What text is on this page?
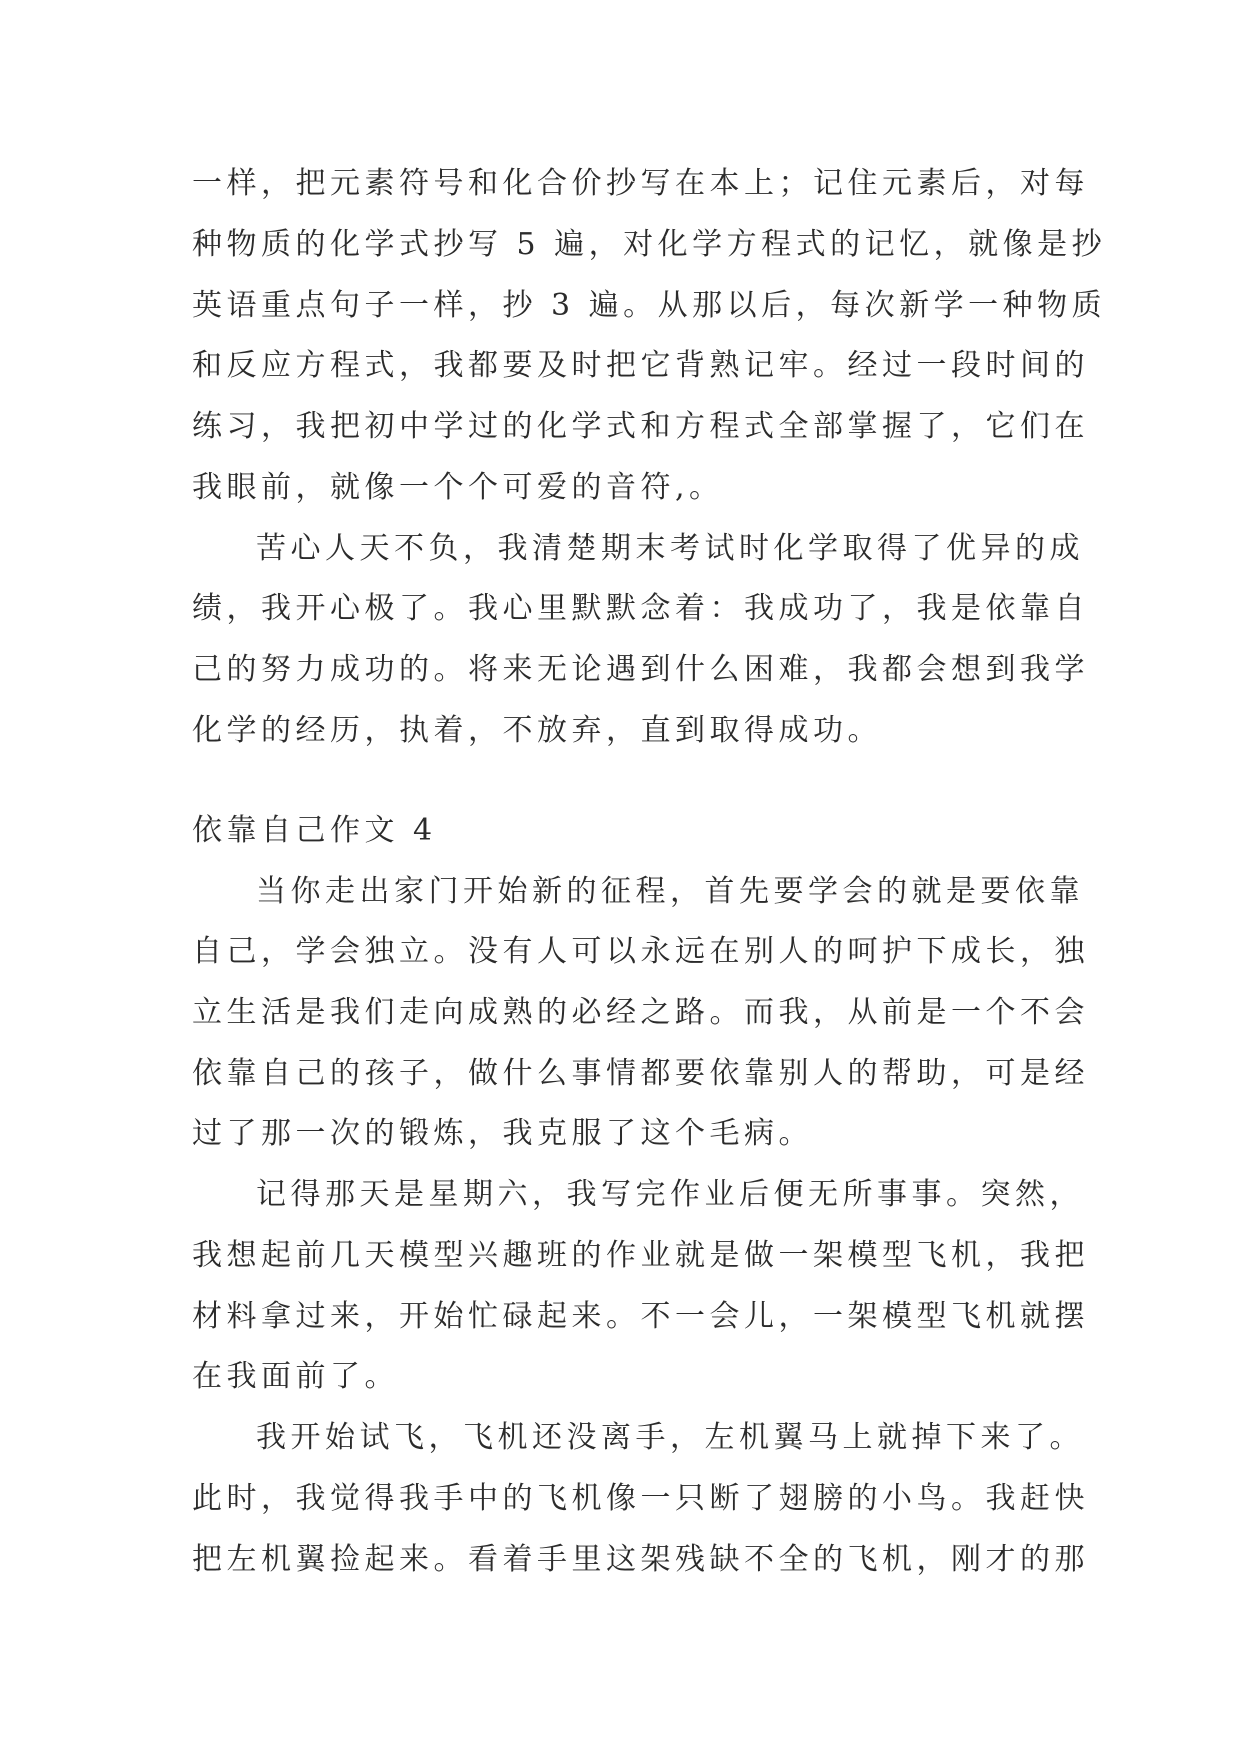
一样，把元素符号和化合价抄写在本上；记住元素后，对每
种物质的化学式抄写 5 遍，对化学方程式的记忆，就像是抄
英语重点句子一样，抄 3 遍。从那以后，每次新学一种物质
和反应方程式，我都要及时把它背熟记牢。经过一段时间的
练习，我把初中学过的化学式和方程式全部掌握了，它们在
我眼前，就像一个个可爱的音符,。
苦心人天不负，我清楚期末考试时化学取得了优异的成
绩，我开心极了。我心里默默念着：我成功了，我是依靠自
己的努力成功的。将来无论遇到什么困难，我都会想到我学
化学的经历，执着，不放弃，直到取得成功。
依靠自己作文 4
当你走出家门开始新的征程，首先要学会的就是要依靠
自己，学会独立。没有人可以永远在别人的呵护下成长，独
立生活是我们走向成熟的必经之路。而我，从前是一个不会
依靠自己的孩子，做什么事情都要依靠别人的帮助，可是经
过了那一次的锻炼，我克服了这个毛病。
记得那天是星期六，我写完作业后便无所事事。突然，
我想起前几天模型兴趣班的作业就是做一架模型飞机，我把
材料拿过来，开始忙碌起来。不一会儿，一架模型飞机就摆
在我面前了。
我开始试飞，飞机还没离手，左机翼马上就掉下来了。
此时，我觉得我手中的飞机像一只断了翅膀的小鸟。我赶快
把左机翼捡起来。看着手里这架残缺不全的飞机，刚才的那
